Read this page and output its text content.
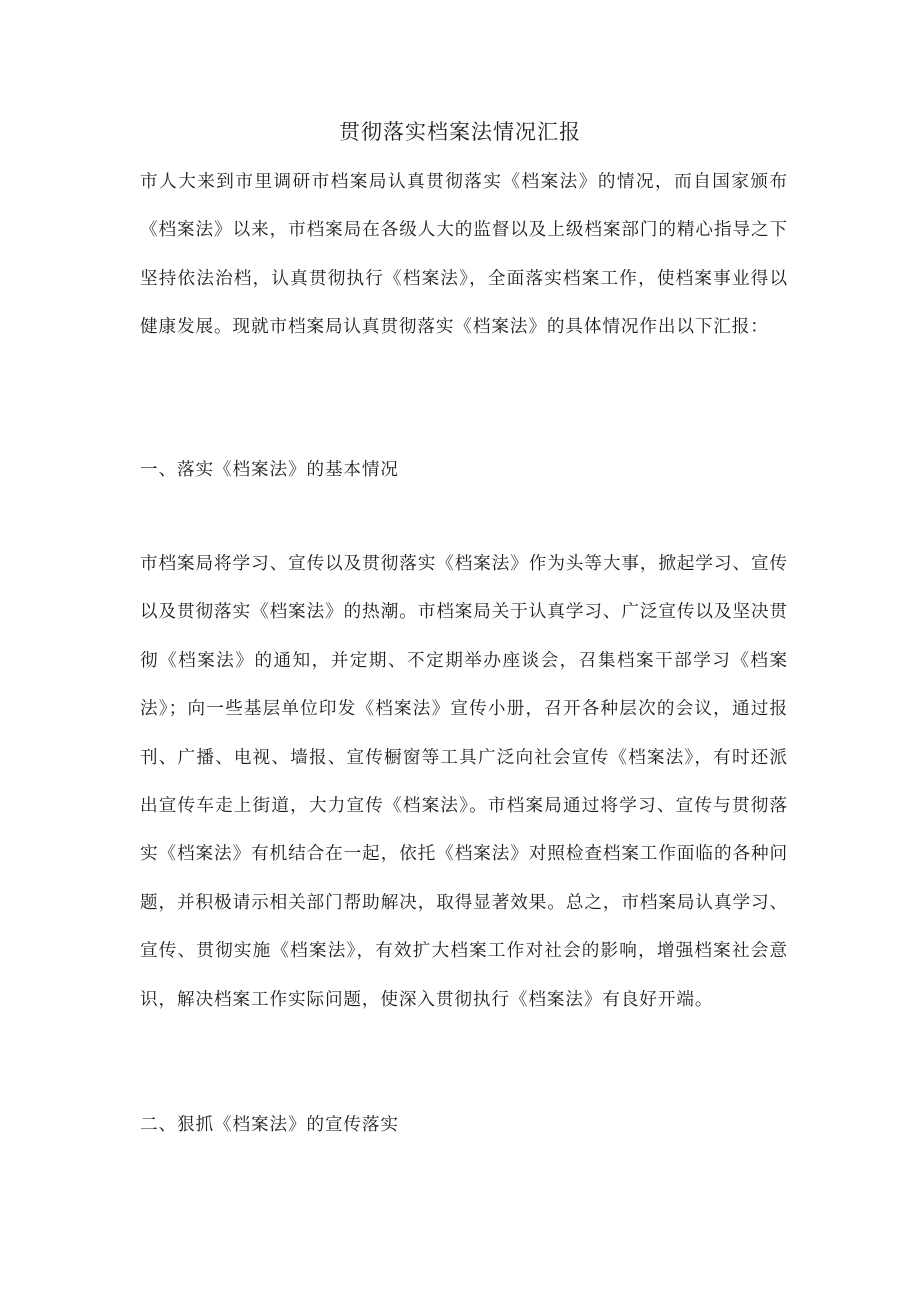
贯彻落实档案法情况汇报

市人大来到市里调研市档案局认真贯彻落实《档案法》的情况，而自国家颁布《档案法》以来，市档案局在各级人大的监督以及上级档案部门的精心指导之下坚持依法治档，认真贯彻执行《档案法》，全面落实档案工作，使档案事业得以健康发展。现就市档案局认真贯彻落实《档案法》的具体情况作出以下汇报：

一、落实《档案法》的基本情况

市档案局将学习、宣传以及贯彻落实《档案法》作为头等大事，掀起学习、宣传以及贯彻落实《档案法》的热潮。市档案局关于认真学习、广泛宣传以及坚决贯彻《档案法》的通知，并定期、不定期举办座谈会，召集档案干部学习《档案法》；向一些基层单位印发《档案法》宣传小册，召开各种层次的会议，通过报刊、广播、电视、墙报、宣传橱窗等工具广泛向社会宣传《档案法》，有时还派出宣传车走上街道，大力宣传《档案法》。市档案局通过将学习、宣传与贯彻落实《档案法》有机结合在一起，依托《档案法》对照检查档案工作面临的各种问题，并积极请示相关部门帮助解决，取得显著效果。总之，市档案局认真学习、宣传、贯彻实施《档案法》，有效扩大档案工作对社会的影响，增强档案社会意识，解决档案工作实际问题，使深入贯彻执行《档案法》有良好开端。

二、狠抓《档案法》的宣传落实
